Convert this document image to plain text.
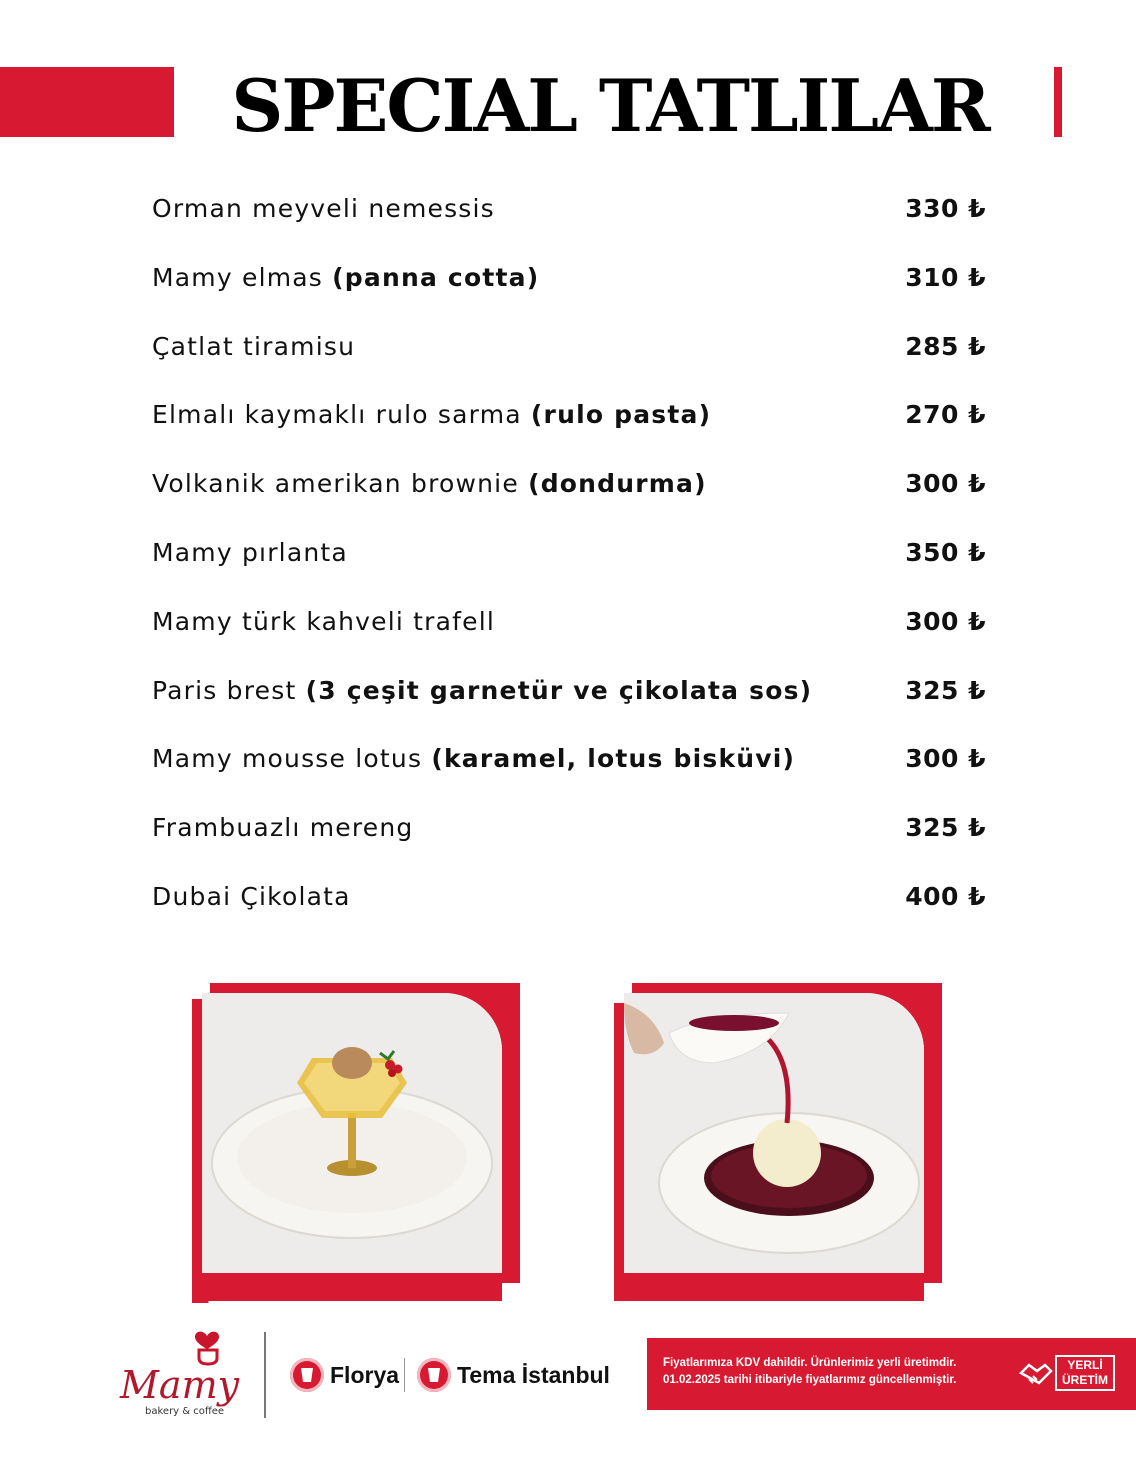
SPECIAL TATLILAR
Orman meyveli nemessis	330 ₺
Mamy elmas (panna cotta)	310 ₺
Çatlat tiramisu	285 ₺
Elmalı kaymaklı rulo sarma (rulo pasta)	270 ₺
Volkanik amerikan brownie (dondurma)	300 ₺
Mamy pırlanta	350 ₺
Mamy türk kahveli trafell	300 ₺
Paris brest (3 çeşit garnetür ve çikolata sos)	325 ₺
Mamy mousse lotus (karamel, lotus bisküvi)	300 ₺
Frambuazlı mereng	325 ₺
Dubai Çikolata	400 ₺
Mamy
bakery & coffee
Florya	Tema İstanbul	Fiyatlarımıza KDV dahildir. Ürünlerimiz yerli üretimdir.
01.02.2025 tarihi itibariyle fiyatlarımız güncellenmiştir.
YERLİ
ÜRETİM
